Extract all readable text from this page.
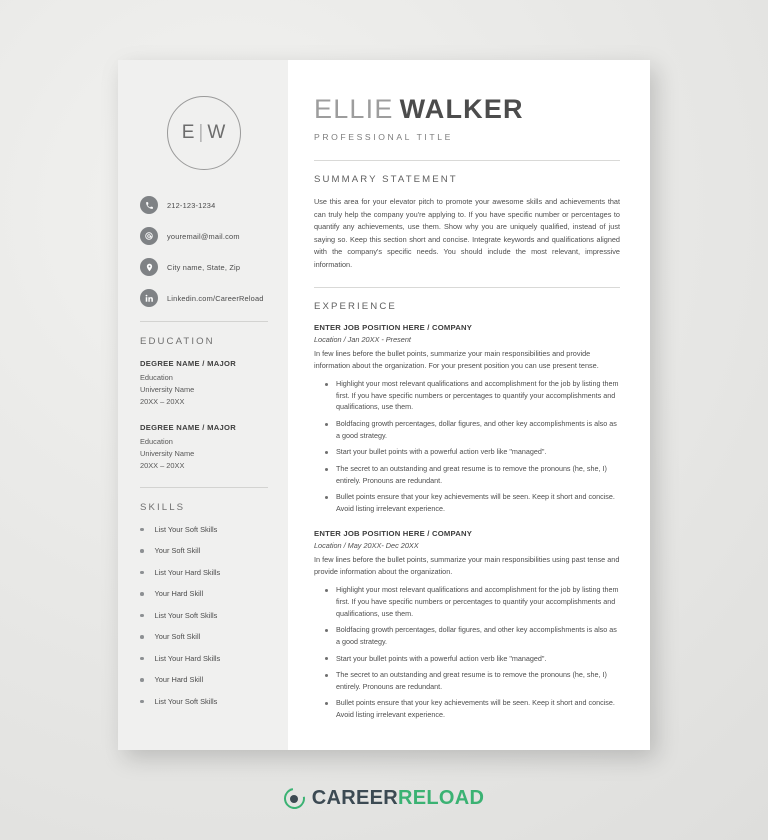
E | W
212-123-1234
youremail@mail.com
City name, State, Zip
Linkedin.com/CareerReload
EDUCATION
DEGREE NAME / MAJOR
Education
University Name
20XX – 20XX
DEGREE NAME / MAJOR
Education
University Name
20XX – 20XX
SKILLS
List Your Soft Skills
Your Soft Skill
List Your Hard Skills
Your Hard Skill
List Your Soft Skills
Your Soft Skill
List Your Hard Skills
Your Hard Skill
List Your Soft Skills
ELLIE WALKER
PROFESSIONAL TITLE
SUMMARY STATEMENT
Use this area for your elevator pitch to promote your awesome skills and achievements that can truly help the company you're applying to. If you have specific number or percentages to quantify any achievements, use them. Show why you are uniquely qualified, instead of just saying so. Keep this section short and concise. Integrate keywords and qualifications aligned with the company's specific needs. You should include the most relevant, impressive information.
EXPERIENCE
ENTER JOB POSITION HERE / COMPANY
Location / Jan 20XX - Present
In few lines before the bullet points, summarize your main responsibilities and provide information about the organization. For your present position you can use present tense.
Highlight your most relevant qualifications and accomplishment for the job by listing them first. If you have specific numbers or percentages to quantify your accomplishments and qualifications, use them.
Boldfacing growth percentages, dollar figures, and other key accomplishments is also as a good strategy.
Start your bullet points with a powerful action verb like "managed".
The secret to an outstanding and great resume is to remove the pronouns (he, she, I) entirely. Pronouns are redundant.
Bullet points ensure that your key achievements will be seen. Keep it short and concise. Avoid listing irrelevant experience.
ENTER JOB POSITION HERE / COMPANY
Location / May 20XX- Dec 20XX
In few lines before the bullet points, summarize your main responsibilities using past tense and provide information about the organization.
Highlight your most relevant qualifications and accomplishment for the job by listing them first. If you have specific numbers or percentages to quantify your accomplishments and qualifications, use them.
Boldfacing growth percentages, dollar figures, and other key accomplishments is also as a good strategy.
Start your bullet points with a powerful action verb like "managed".
The secret to an outstanding and great resume is to remove the pronouns (he, she, I) entirely. Pronouns are redundant.
Bullet points ensure that your key achievements will be seen. Keep it short and concise. Avoid listing irrelevant experience.
CAREERRELOAD
